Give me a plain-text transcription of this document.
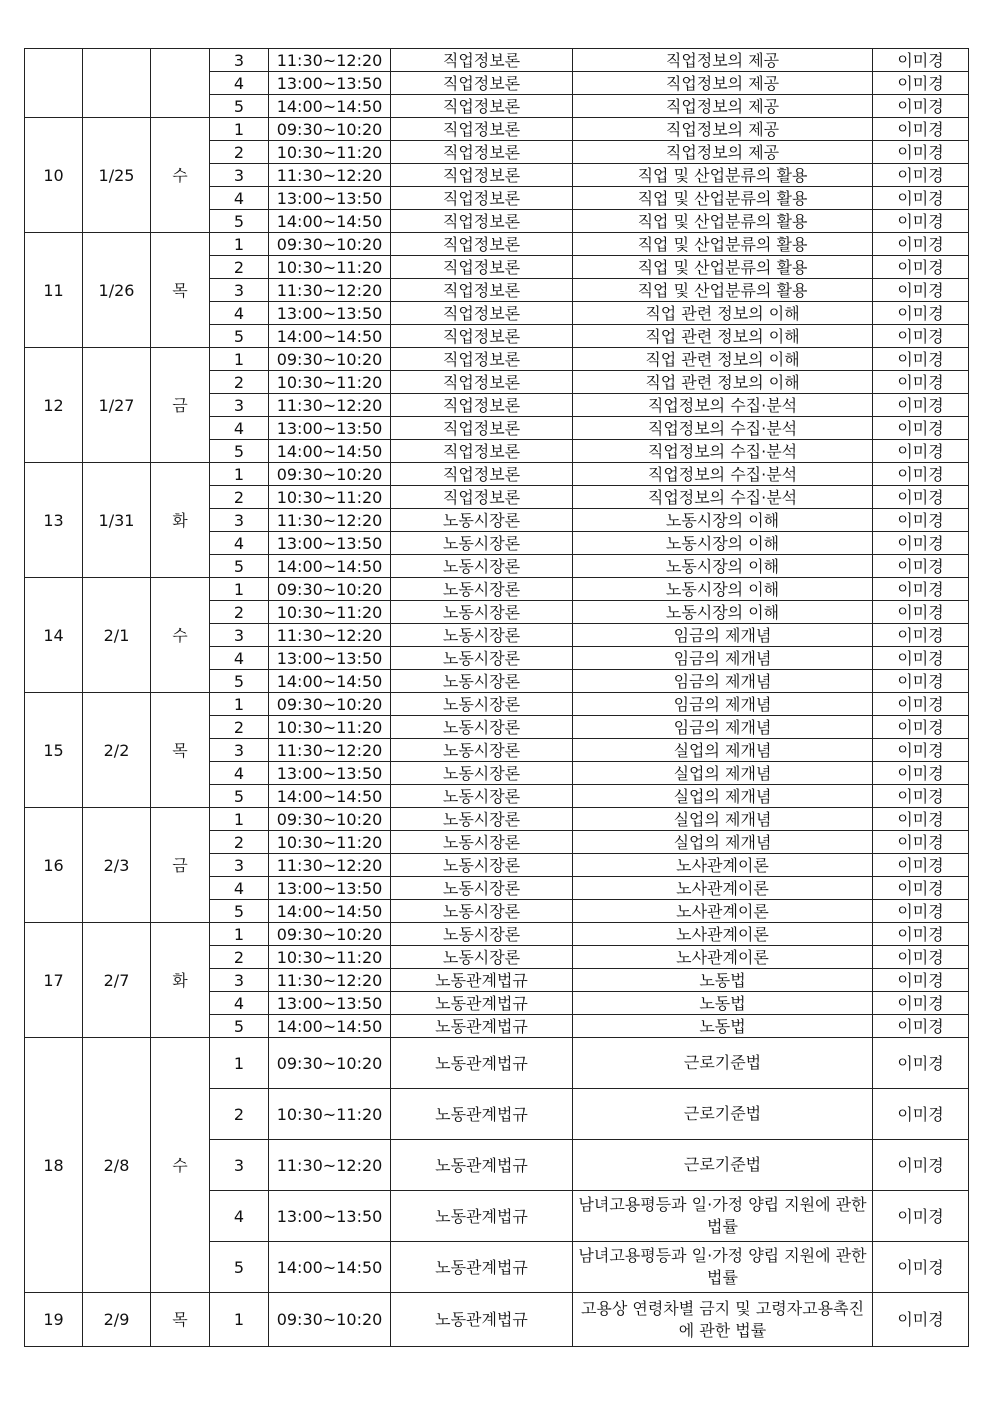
			3	11:30~12:20	직업정보론	직업정보의 제공	이미경
			4	13:00~13:50	직업정보론	직업정보의 제공	이미경
			5	14:00~14:50	직업정보론	직업정보의 제공	이미경
10	1/25	수	1	09:30~10:20	직업정보론	직업정보의 제공	이미경
			2	10:30~11:20	직업정보론	직업정보의 제공	이미경
			3	11:30~12:20	직업정보론	직업 및 산업분류의 활용	이미경
			4	13:00~13:50	직업정보론	직업 및 산업분류의 활용	이미경
			5	14:00~14:50	직업정보론	직업 및 산업분류의 활용	이미경
11	1/26	목	1	09:30~10:20	직업정보론	직업 및 산업분류의 활용	이미경
			2	10:30~11:20	직업정보론	직업 및 산업분류의 활용	이미경
			3	11:30~12:20	직업정보론	직업 및 산업분류의 활용	이미경
			4	13:00~13:50	직업정보론	직업 관련 정보의 이해	이미경
			5	14:00~14:50	직업정보론	직업 관련 정보의 이해	이미경
12	1/27	금	1	09:30~10:20	직업정보론	직업 관련 정보의 이해	이미경
			2	10:30~11:20	직업정보론	직업 관련 정보의 이해	이미경
			3	11:30~12:20	직업정보론	직업정보의 수집·분석	이미경
			4	13:00~13:50	직업정보론	직업정보의 수집·분석	이미경
			5	14:00~14:50	직업정보론	직업정보의 수집·분석	이미경
13	1/31	화	1	09:30~10:20	직업정보론	직업정보의 수집·분석	이미경
			2	10:30~11:20	직업정보론	직업정보의 수집·분석	이미경
			3	11:30~12:20	노동시장론	노동시장의 이해	이미경
			4	13:00~13:50	노동시장론	노동시장의 이해	이미경
			5	14:00~14:50	노동시장론	노동시장의 이해	이미경
14	2/1	수	1	09:30~10:20	노동시장론	노동시장의 이해	이미경
			2	10:30~11:20	노동시장론	노동시장의 이해	이미경
			3	11:30~12:20	노동시장론	임금의 제개념	이미경
			4	13:00~13:50	노동시장론	임금의 제개념	이미경
			5	14:00~14:50	노동시장론	임금의 제개념	이미경
15	2/2	목	1	09:30~10:20	노동시장론	임금의 제개념	이미경
			2	10:30~11:20	노동시장론	임금의 제개념	이미경
			3	11:30~12:20	노동시장론	실업의 제개념	이미경
			4	13:00~13:50	노동시장론	실업의 제개념	이미경
			5	14:00~14:50	노동시장론	실업의 제개념	이미경
16	2/3	금	1	09:30~10:20	노동시장론	실업의 제개념	이미경
			2	10:30~11:20	노동시장론	실업의 제개념	이미경
			3	11:30~12:20	노동시장론	노사관계이론	이미경
			4	13:00~13:50	노동시장론	노사관계이론	이미경
			5	14:00~14:50	노동시장론	노사관계이론	이미경
17	2/7	화	1	09:30~10:20	노동시장론	노사관계이론	이미경
			2	10:30~11:20	노동시장론	노사관계이론	이미경
			3	11:30~12:20	노동관계법규	노동법	이미경
			4	13:00~13:50	노동관계법규	노동법	이미경
			5	14:00~14:50	노동관계법규	노동법	이미경
18	2/8	수	1	09:30~10:20	노동관계법규	근로기준법	이미경
			2	10:30~11:20	노동관계법규	근로기준법	이미경
			3	11:30~12:20	노동관계법규	근로기준법	이미경
			4	13:00~13:50	노동관계법규	남녀고용평등과 일·가정 양립 지원에 관한 법률	이미경
			5	14:00~14:50	노동관계법규	남녀고용평등과 일·가정 양립 지원에 관한 법률	이미경
19	2/9	목	1	09:30~10:20	노동관계법규	고용상 연령차별 금지 및 고령자고용촉진에 관한 법률	이미경
